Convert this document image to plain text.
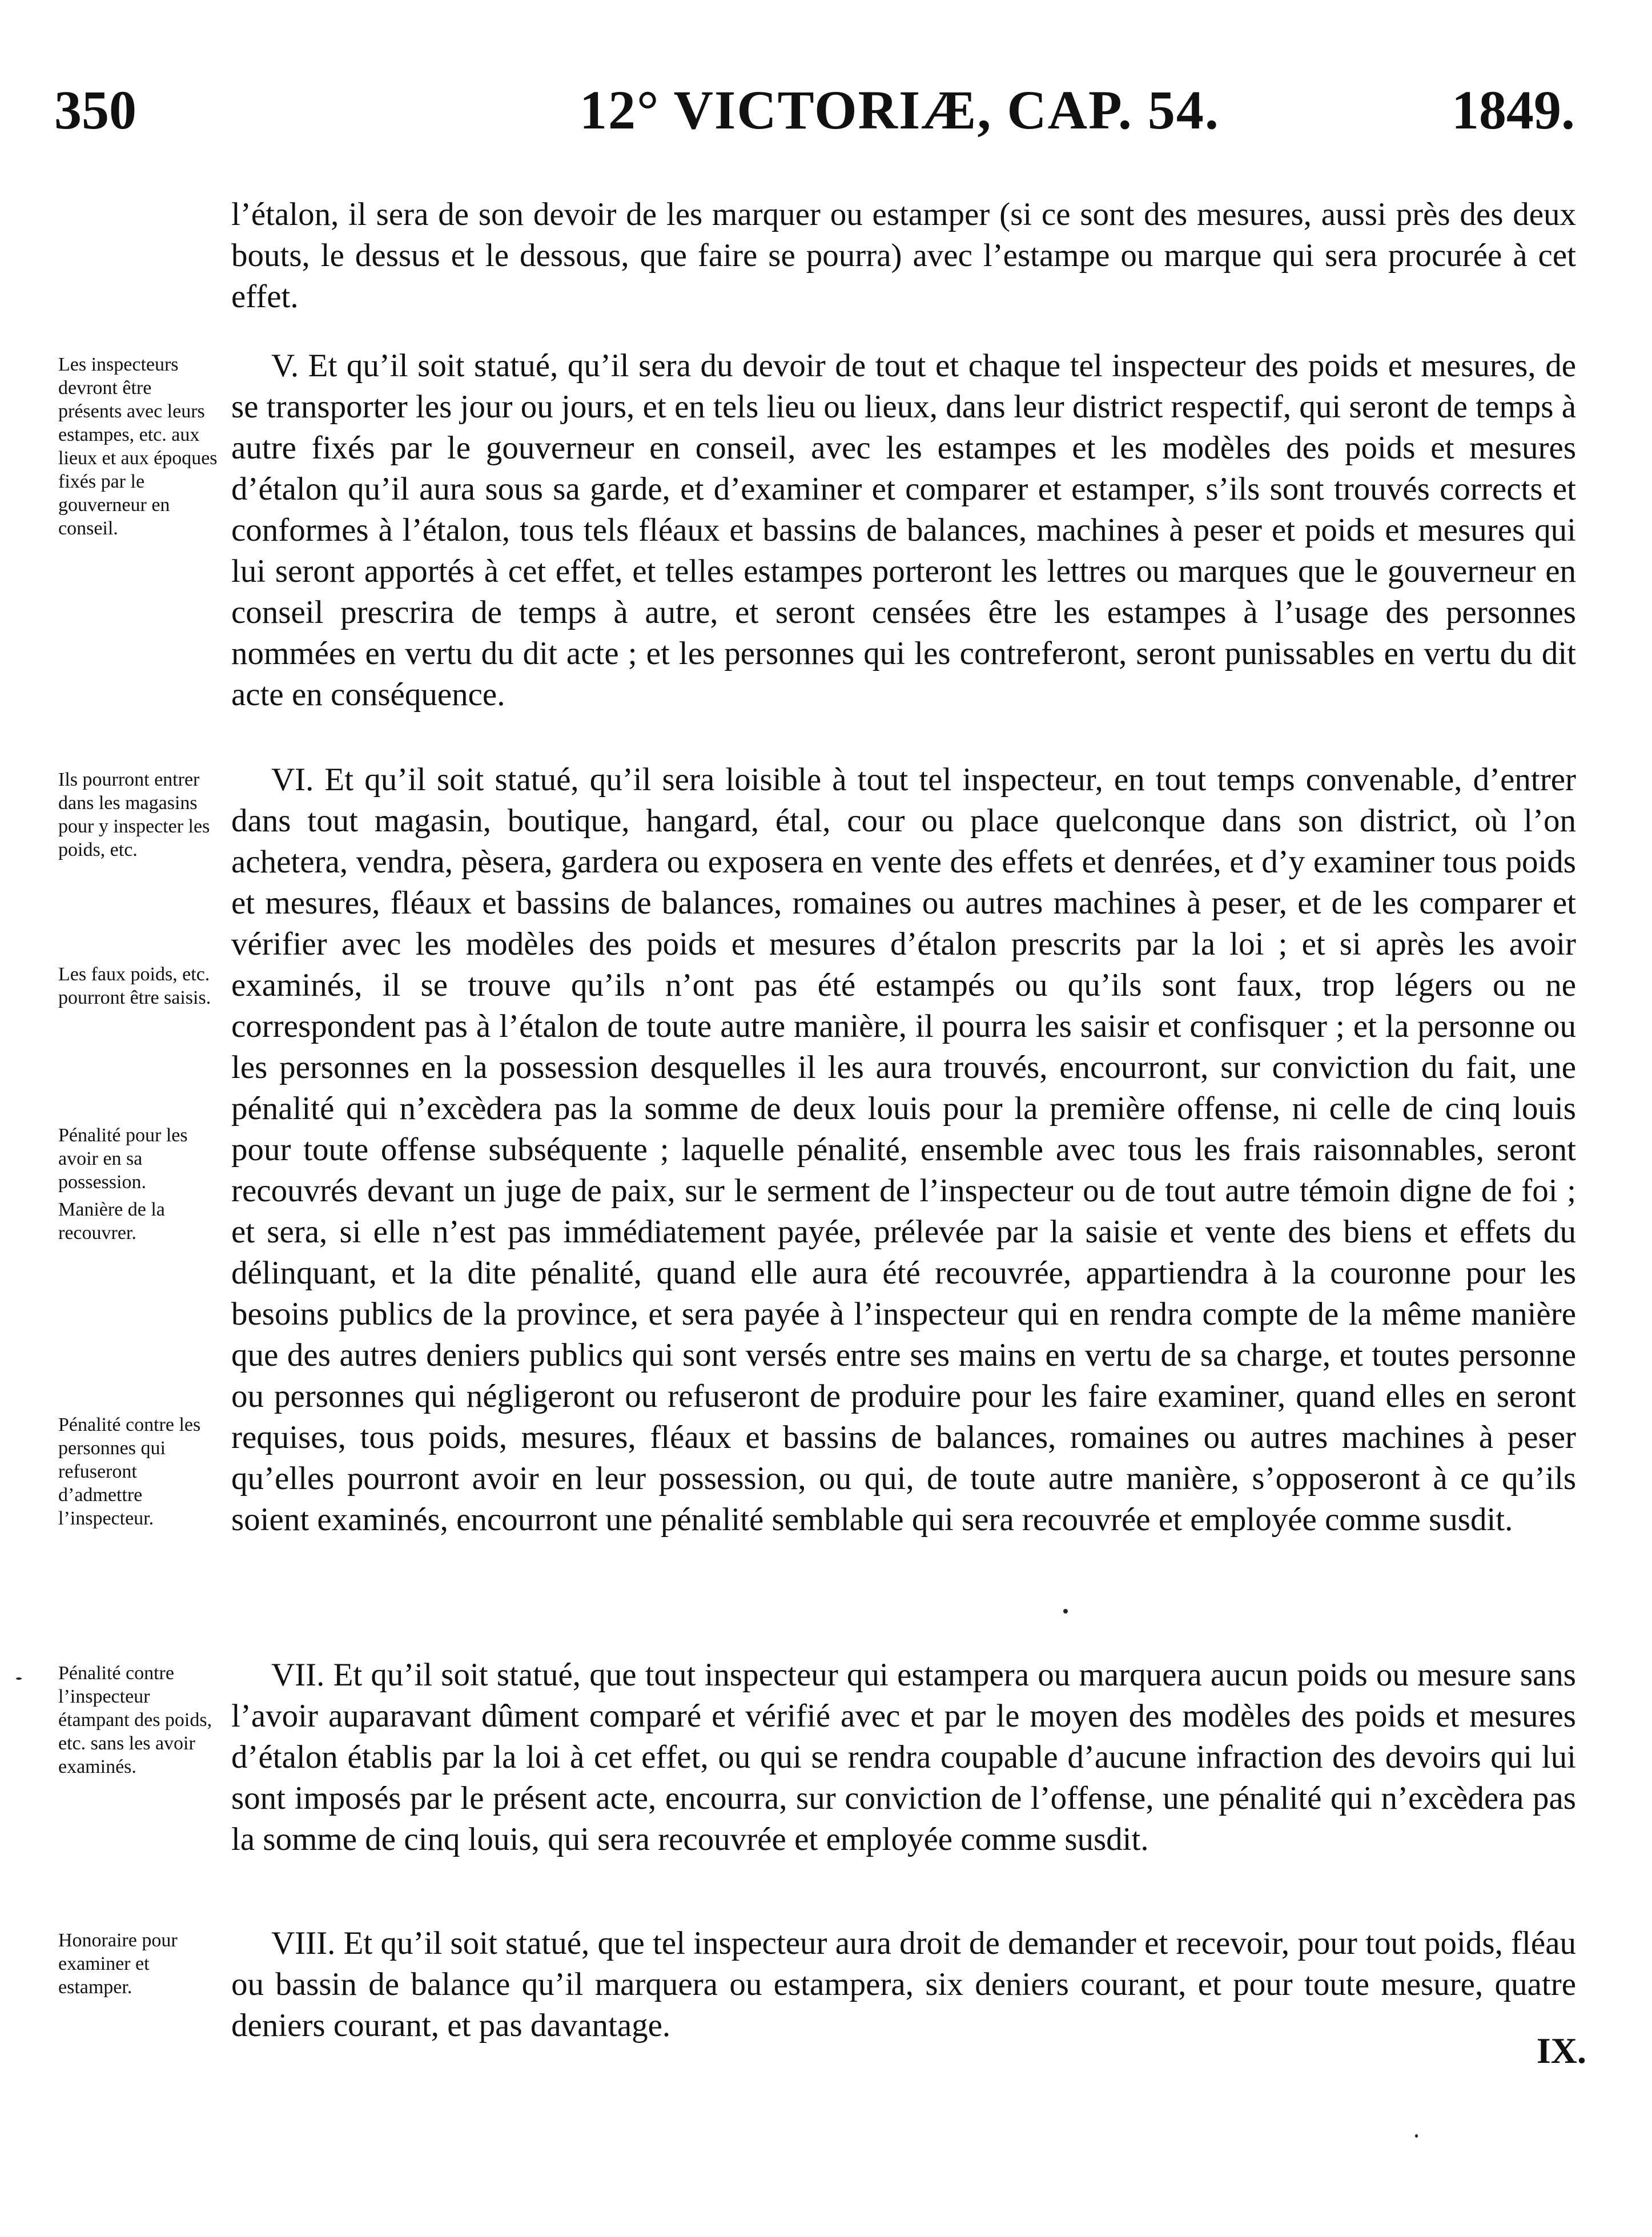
350	12° VICTORIÆ, CAP. 54.	1849.

l’étalon, il sera de son devoir de les marquer ou estamper (si ce sont des mesures, aussi près des deux bouts, le dessus et le dessous, que faire se pourra) avec l’estampe ou marque qui sera procurée à cet effet.

V. Et qu’il soit statué, qu’il sera du devoir de tout et chaque tel inspecteur des poids et mesures, de se transporter les jour ou jours, et en tels lieu ou lieux, dans leur district respectif, qui seront de temps à autre fixés par le gouverneur en conseil, avec les estampes et les modèles des poids et mesures d’étalon qu’il aura sous sa garde, et d’examiner et comparer et estamper, s’ils sont trouvés corrects et conformes à l’étalon, tous tels fléaux et bassins de balances, machines à peser et poids et mesures qui lui seront apportés à cet effet, et telles estampes porteront les lettres ou marques que le gouverneur en conseil prescrira de temps à autre, et seront censées être les estampes à l’usage des personnes nommées en vertu du dit acte ; et les personnes qui les contreferont, seront punissables en vertu du dit acte en conséquence.

VI. Et qu’il soit statué, qu’il sera loisible à tout tel inspecteur, en tout temps convenable, d’entrer dans tout magasin, boutique, hangard, étal, cour ou place quelconque dans son district, où l’on achetera, vendra, pèsera, gardera ou exposera en vente des effets et denrées, et d’y examiner tous poids et mesures, fléaux et bassins de balances, romaines ou autres machines à peser, et de les comparer et vérifier avec les modèles des poids et mesures d’étalon prescrits par la loi ; et si après les avoir examinés, il se trouve qu’ils n’ont pas été estampés ou qu’ils sont faux, trop légers ou ne correspondent pas à l’étalon de toute autre manière, il pourra les saisir et confisquer ; et la personne ou les personnes en la possession desquelles il les aura trouvés, encourront, sur conviction du fait, une pénalité qui n’excèdera pas la somme de deux louis pour la première offense, ni celle de cinq louis pour toute offense subséquente ; laquelle pénalité, ensemble avec tous les frais raisonnables, seront recouvrés devant un juge de paix, sur le serment de l’inspecteur ou de tout autre témoin digne de foi ; et sera, si elle n’est pas immédiatement payée, prélevée par la saisie et vente des biens et effets du délinquant, et la dite pénalité, quand elle aura été recouvrée, appartiendra à la couronne pour les besoins publics de la province, et sera payée à l’inspecteur qui en rendra compte de la même manière que des autres deniers publics qui sont versés entre ses mains en vertu de sa charge, et toutes personne ou personnes qui négligeront ou refuseront de produire pour les faire examiner, quand elles en seront requises, tous poids, mesures, fléaux et bassins de balances, romaines ou autres machines à peser qu’elles pourront avoir en leur possession, ou qui, de toute autre manière, s’opposeront à ce qu’ils soient examinés, encourront une pénalité semblable qui sera recouvrée et employée comme susdit.

VII. Et qu’il soit statué, que tout inspecteur qui estampera ou marquera aucun poids ou mesure sans l’avoir auparavant dûment comparé et vérifié avec et par le moyen des modèles des poids et mesures d’étalon établis par la loi à cet effet, ou qui se rendra coupable d’aucune infraction des devoirs qui lui sont imposés par le présent acte, encourra, sur conviction de l’offense, une pénalité qui n’excèdera pas la somme de cinq louis, qui sera recouvrée et employée comme susdit.

VIII. Et qu’il soit statué, que tel inspecteur aura droit de demander et recevoir, pour tout poids, fléau ou bassin de balance qu’il marquera ou estampera, six deniers courant, et pour toute mesure, quatre deniers courant, et pas davantage.

Les inspecteurs devront être présents avec leurs estampes, etc. aux lieux et aux époques fixés par le gouverneur en conseil.
Ils pourront entrer dans les magasins pour y inspecter les poids, etc.
Les faux poids, etc. pourront être saisis.
Pénalité pour les avoir en sa possession.
Manière de la recouvrer.
Pénalité contre les personnes qui refuseront d’admettre l’inspecteur.
Pénalité contre l’inspecteur étampant des poids, etc. sans les avoir examinés.
Honoraire pour examiner et estamper.
IX.
